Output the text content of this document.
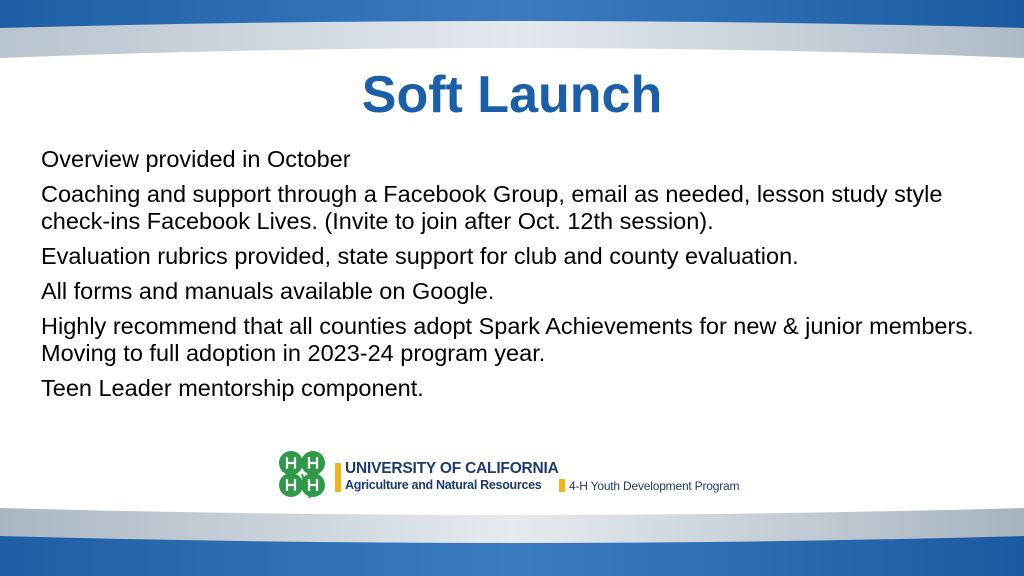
Soft Launch
Overview provided in October
Coaching and support through a Facebook Group, email as needed, lesson study style check-ins Facebook Lives. (Invite to join after Oct. 12th session).
Evaluation rubrics provided, state support for club and county evaluation.
All forms and manuals available on Google.
Highly recommend that all counties adopt Spark Achievements for new & junior members. Moving to full adoption in 2023-24 program year.
Teen Leader mentorship component.
UNIVERSITY OF CALIFORNIA
Agriculture and Natural Resources 4-H Youth Development Program
